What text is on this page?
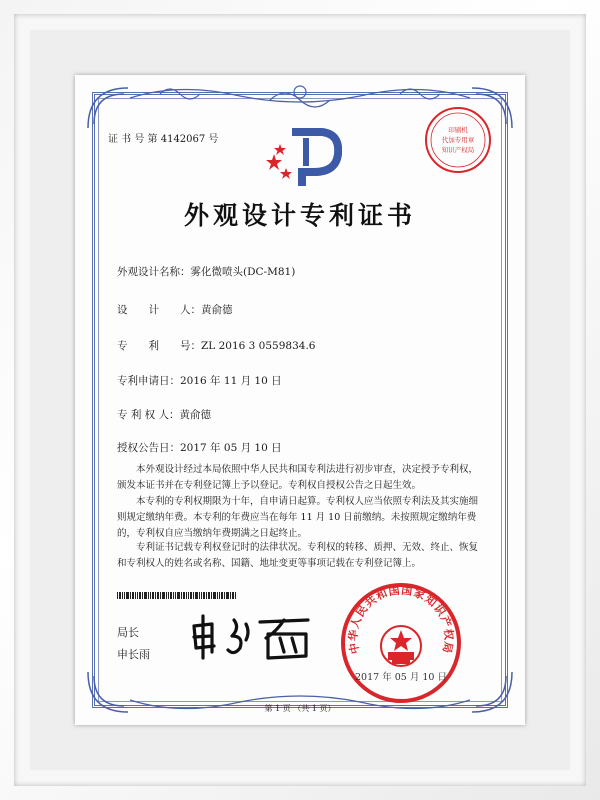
证 书 号 第 4142067 号
印刷机
代加专用章
知识产权局
外观设计专利证书
外观设计名称：雾化微喷头(DC-M81)
设　　计　　人：黄俞德
专　　利　　号：ZL 2016 3 0559834.6
专利申请日：2016 年 11 月 10 日
专 利 权 人：黄俞德
授权公告日：2017 年 05 月 10 日
本外观设计经过本局依照中华人民共和国专利法进行初步审查，决定授予专利权，颁发本证书并在专利登记簿上予以登记。专利权自授权公告之日起生效。
本专利的专利权期限为十年，自申请日起算。专利权人应当依照专利法及其实施细则规定缴纳年费。本专利的年费应当在每年 11 月 10 日前缴纳。未按照规定缴纳年费的，专利权自应当缴纳年费期满之日起终止。
专利证书记载专利权登记时的法律状况。专利权的转移、质押、无效、终止、恢复和专利权人的姓名或名称、国籍、地址变更等事项记载在专利登记簿上。
局长
申长雨	中华人民共和国国家知识产权局
2017 年 05 月 10 日
第 1 页 （共 1 页）
